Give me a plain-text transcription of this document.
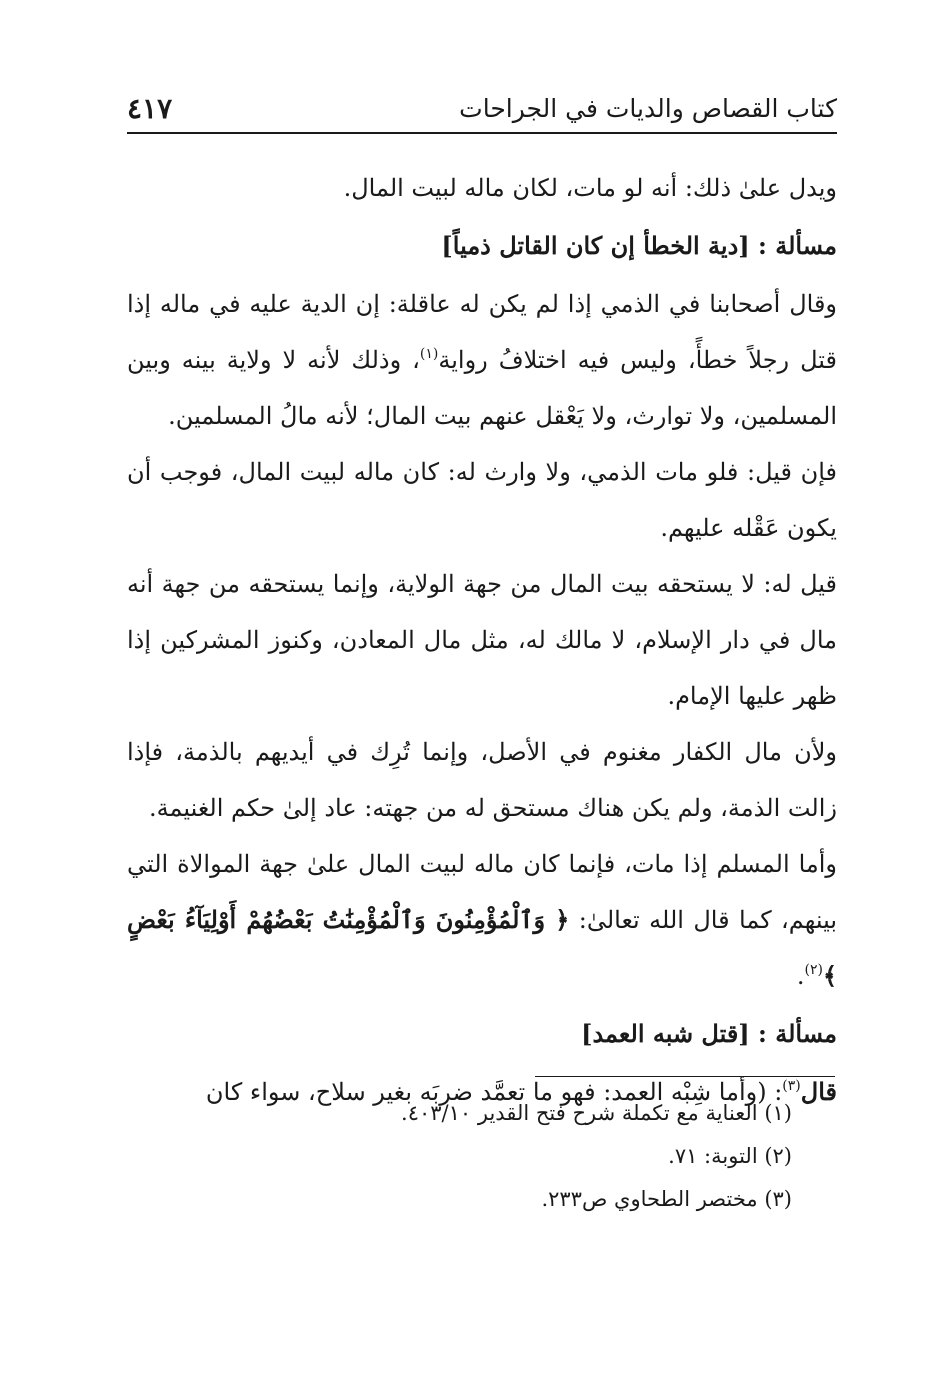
كتاب القصاص والديات في الجراحات
٤١٧

ويدل علىٰ ذلك: أنه لو مات، لكان ماله لبيت المال.

مسألة : [دية الخطأ إن كان القاتل ذمياً]

وقال أصحابنا في الذمي إذا لم يكن له عاقلة: إن الدية عليه في ماله إذا قتل رجلاً خطأً، وليس فيه اختلافُ رواية$^{(١)}$، وذلك لأنه لا ولاية بينه وبين المسلمين، ولا توارث، ولا يَعْقل عنهم بيت المال؛ لأنه مالُ المسلمين.

فإن قيل: فلو مات الذمي، ولا وارث له: كان ماله لبيت المال، فوجب أن يكون عَقْله عليهم.

قيل له: لا يستحقه بيت المال من جهة الولاية، وإنما يستحقه من جهة أنه مال في دار الإسلام، لا مالك له، مثل مال المعادن، وكنوز المشركين إذا ظهر عليها الإمام.

ولأن مال الكفار مغنوم في الأصل، وإنما تُرِك في أيديهم بالذمة، فإذا زالت الذمة، ولم يكن هناك مستحق له من جهته: عاد إلىٰ حكم الغنيمة.

وأما المسلم إذا مات، فإنما كان ماله لبيت المال علىٰ جهة الموالاة التي بينهم، كما قال الله تعالىٰ: ﴿ وَٱلْمُؤْمِنُونَ وَٱلْمُؤْمِنَٰتُ بَعْضُهُمْ أَوْلِيَآءُ بَعْضٍ ﴾$^{(٢)}$.

مسألة : [قتل شبه العمد]

قال$^{(٣)}$: (وأما شِبْه العمد: فهو ما تعمَّد ضربَه بغير سلاح، سواء كان

(١) العناية مع تكملة شرح فتح القدير ٤٠٣/١٠.

(٢) التوبة: ٧١.

(٣) مختصر الطحاوي ص٢٣٣.
